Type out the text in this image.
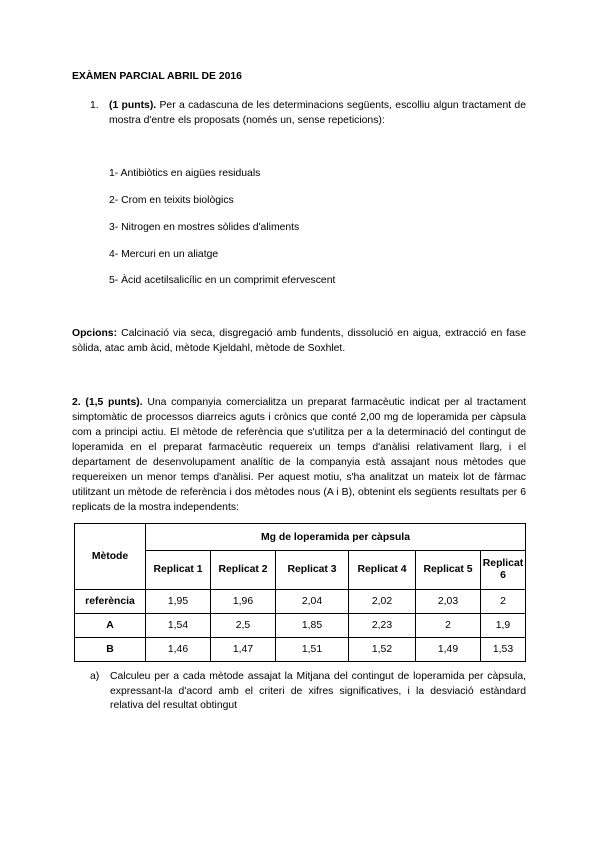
EXÀMEN PARCIAL ABRIL DE 2016
1. (1 punts). Per a cadascuna de les determinacions següents, escolliu algun tractament de mostra d'entre els proposats (només un, sense repeticions):
1- Antibiòtics en aigües residuals
2- Crom en teixits biològics
3- Nitrogen en mostres sòlides d'aliments
4- Mercuri en un aliatge
5- Àcid acetilsalicílic en un comprimit efervescent
Opcions: Calcinació via seca, disgregació amb fundents, dissolució en aigua, extracció en fase sòlida, atac amb àcid, mètode Kjeldahl, mètode de Soxhlet.
2. (1,5 punts). Una companyia comercialitza un preparat farmacèutic indicat per al tractament simptomàtic de processos diarreics aguts i crònics que conté 2,00 mg de loperamida per càpsula com a principi actiu. El mètode de referència que s'utilitza per a la determinació del contingut de loperamida en el preparat farmacèutic requereix un temps d'anàlisi relativament llarg, i el departament de desenvolupament analític de la companyia està assajant nous mètodes que requereixen un menor temps d'anàlisi. Per aquest motiu, s'ha analitzat un mateix lot de fàrmac utilitzant un mètode de referència i dos mètodes nous (A i B), obtenint els següents resultats per 6 replicats de la mostra independents:
Mètode	Mg de loperamida per càpsula					
	Replicat 1	Replicat 2	Replicat 3	Replicat 4	Replicat 5	Replicat 6
referència	1,95	1,96	2,04	2,02	2,03	2
A	1,54	2,5	1,85	2,23	2	1,9
B	1,46	1,47	1,51	1,52	1,49	1,53
a) Calculeu per a cada mètode assajat la Mitjana del contingut de loperamida per càpsula, expressant-la d'acord amb el criteri de xifres significatives, i la desviació estàndard relativa del resultat obtingut
